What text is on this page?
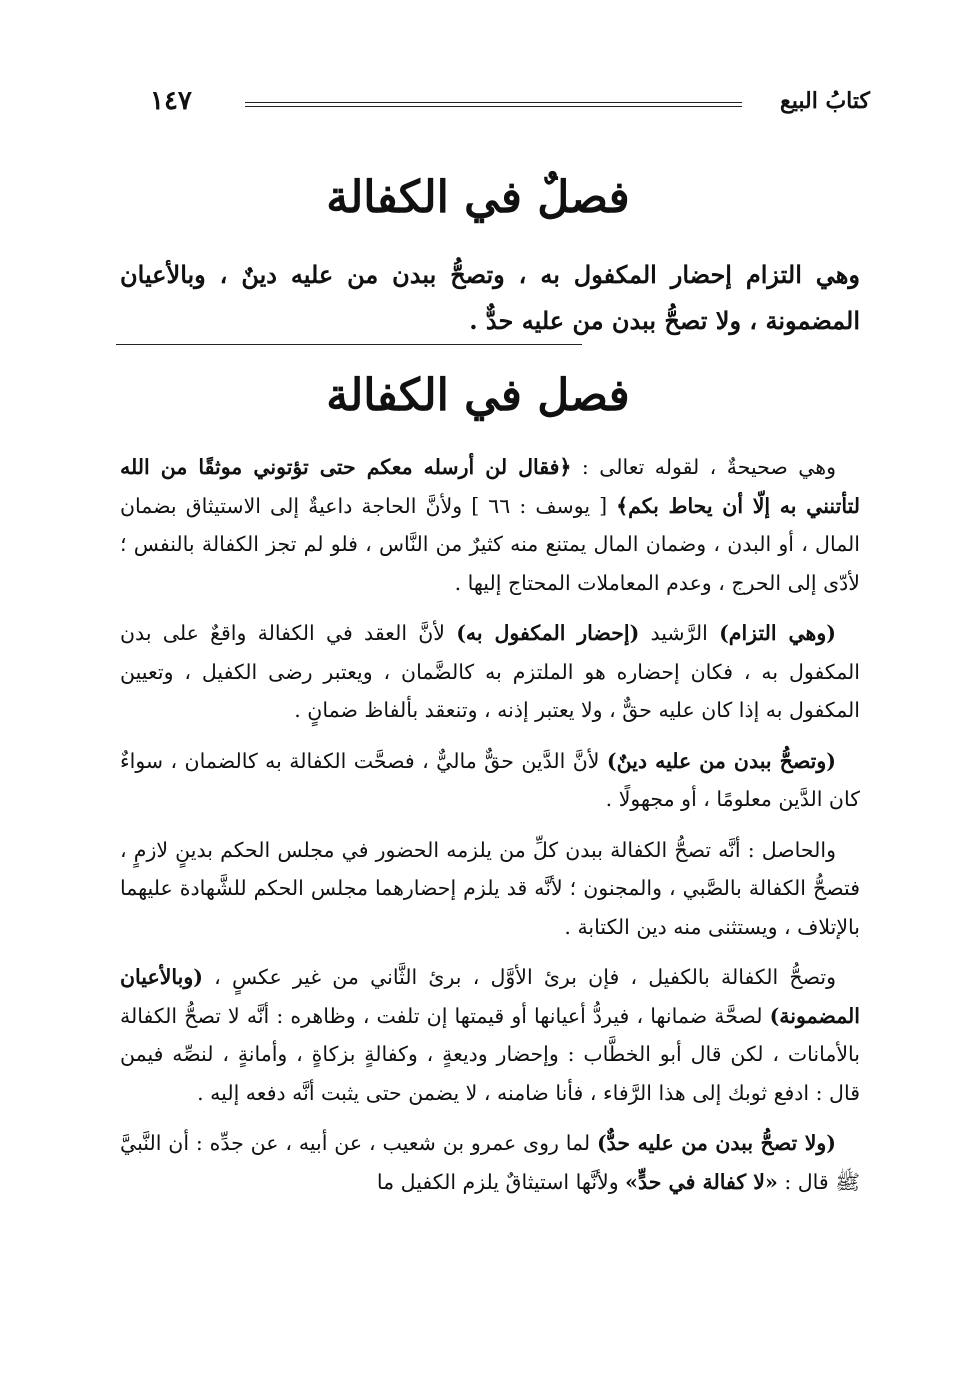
كتابُ البيع
١٤٧
فصلٌ في الكفالة
وهي التزام إحضار المكفول به ، وتصحُّ ببدن من عليه دينٌ ، وبالأعيان المضمونة ، ولا تصحُّ ببدن من عليه حدٌّ .
فصل في الكفالة

وهي صحيحةٌ ، لقوله تعالى : ﴿فقال لن أرسله معكم حتى تؤتوني موثقًا من الله لتأتنني به إلّا أن يحاط بكم﴾ [ يوسف : ٦٦ ] ولأنَّ الحاجة داعيةٌ إلى الاستيثاق بضمان المال ، أو البدن ، وضمان المال يمتنع منه كثيرٌ من النَّاس ، فلو لم تجز الكفالة بالنفس ؛ لأدّى إلى الحرج ، وعدم المعاملات المحتاج إليها .

(وهي التزام) الرَّشيد (إحضار المكفول به) لأنَّ العقد في الكفالة واقعٌ على بدن المكفول به ، فكان إحضاره هو الملتزم به كالضَّمان ، ويعتبر رضى الكفيل ، وتعيين المكفول به إذا كان عليه حقٌّ ، ولا يعتبر إذنه ، وتنعقد بألفاظ ضمانٍ .

(وتصحُّ ببدن من عليه دينٌ) لأنَّ الدَّين حقٌّ ماليٌّ ، فصحَّت الكفالة به كالضمان ، سواءٌ كان الدَّين معلومًا ، أو مجهولًا .

والحاصل : أنَّه تصحُّ الكفالة ببدن كلِّ من يلزمه الحضور في مجلس الحكم بدينٍ لازمٍ ، فتصحُّ الكفالة بالصَّبي ، والمجنون ؛ لأنَّه قد يلزم إحضارهما مجلس الحكم للشَّهادة عليهما بالإتلاف ، ويستثنى منه دين الكتابة .

وتصحُّ الكفالة بالكفيل ، فإن برئ الأوَّل ، برئ الثَّاني من غير عكسٍ ، (وبالأعيان المضمونة) لصحَّة ضمانها ، فيردُّ أعيانها أو قيمتها إن تلفت ، وظاهره : أنَّه لا تصحُّ الكفالة بالأمانات ، لكن قال أبو الخطَّاب : وإحضار وديعةٍ ، وكفالةٍ بزكاةٍ ، وأمانةٍ ، لنصِّه فيمن قال : ادفع ثوبك إلى هذا الرَّفاء ، فأنا ضامنه ، لا يضمن حتى يثبت أنَّه دفعه إليه .

(ولا تصحُّ ببدن من عليه حدٌّ) لما روى عمرو بن شعيب ، عن أبيه ، عن جدِّه : أن النَّبيَّ ﷺ قال : «لا كفالة في حدٍّ» ولأنَّها استيثاقٌ يلزم الكفيل ما
